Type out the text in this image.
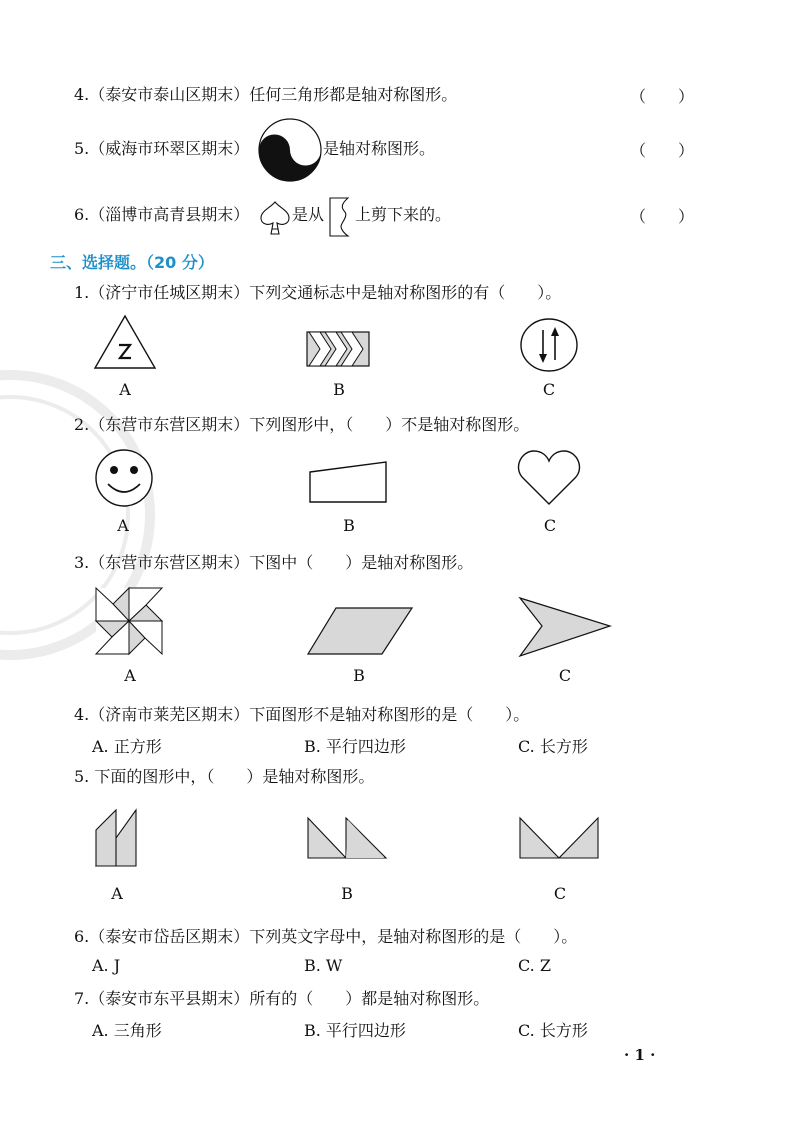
4.（泰安市泰山区期末）任何三角形都是轴对称图形。	（　　）
5.（威海市环翠区期末）	是轴对称图形。	（　　）
6.（淄博市高青县期末）	是从 上剪下来的。	（　　）
三、选择题。（20 分）
1.（济宁市任城区期末）下列交通标志中是轴对称图形的有（　　）。
A	B	C
2.（东营市东营区期末）下列图形中，（　　）不是轴对称图形。
A	B	C
3.（东营市东营区期末）下图中（　　）是轴对称图形。
A	B	C
4.（济南市莱芜区期末）下面图形不是轴对称图形的是（　　）。
A. 正方形	B. 平行四边形	C. 长方形
5. 下面的图形中，（　　）是轴对称图形。
A	B	C
6.（泰安市岱岳区期末）下列英文字母中，是轴对称图形的是（　　）。
A. J	B. W	C. Z
7.（泰安市东平县期末）所有的（　　）都是轴对称图形。
A. 三角形	B. 平行四边形	C. 长方形
· 1 ·
